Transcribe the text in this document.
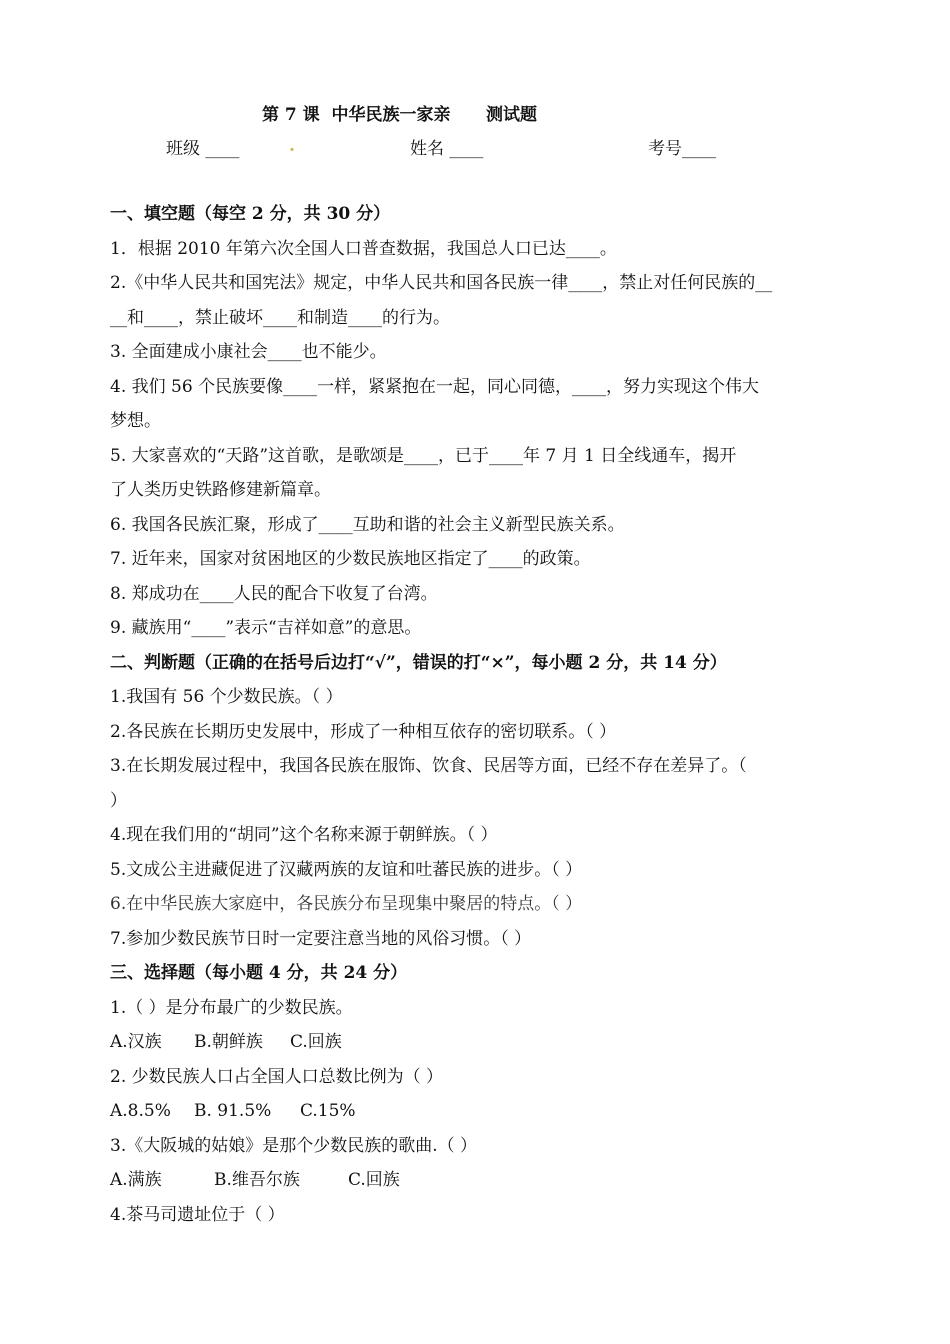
第 7 课  中华民族一家亲      测试题
班级 ____	.	姓名 ____	考号____
一、填空题（每空 2 分，共 30 分）
1．根据 2010 年第六次全国人口普查数据，我国总人口已达____。
2.《中华人民共和国宪法》规定，中华人民共和国各民族一律____，禁止对任何民族的__
__和____，禁止破坏____和制造____的行为。
3. 全面建成小康社会____也不能少。
4. 我们 56 个民族要像____一样，紧紧抱在一起，同心同德，____，努力实现这个伟大
梦想。
5. 大家喜欢的“天路”这首歌，是歌颂是____，已于____年 7 月 1 日全线通车，揭开
了人类历史铁路修建新篇章。
6. 我国各民族汇聚，形成了____互助和谐的社会主义新型民族关系。
7. 近年来，国家对贫困地区的少数民族地区指定了____的政策。
8. 郑成功在____人民的配合下收复了台湾。
9. 藏族用“____”表示“吉祥如意”的意思。
二、判断题（正确的在括号后边打“√”，错误的打“×”，每小题 2 分，共 14 分）
1.我国有 56 个少数民族。（ ）
2.各民族在长期历史发展中，形成了一种相互依存的密切联系。（ ）
3.在长期发展过程中，我国各民族在服饰、饮食、民居等方面，已经不存在差异了。（
）
4.现在我们用的“胡同”这个名称来源于朝鲜族。（ ）
5.文成公主进藏促进了汉藏两族的友谊和吐蕃民族的进步。（ ）
6.在中华民族大家庭中，各民族分布呈现集中聚居的特点。（ ）
7.参加少数民族节日时一定要注意当地的风俗习惯。（ ）
三、选择题（每小题 4 分，共 24 分）
1.（ ）是分布最广的少数民族。
A.汉族 B.朝鲜族 C.回族
2. 少数民族人口占全国人口总数比例为（ ）
A.8.5% B. 91.5% C.15%
3.《大阪城的姑娘》是那个少数民族的歌曲.（ ）
A.满族	B.维吾尔族	C.回族
4.茶马司遗址位于（ ）
